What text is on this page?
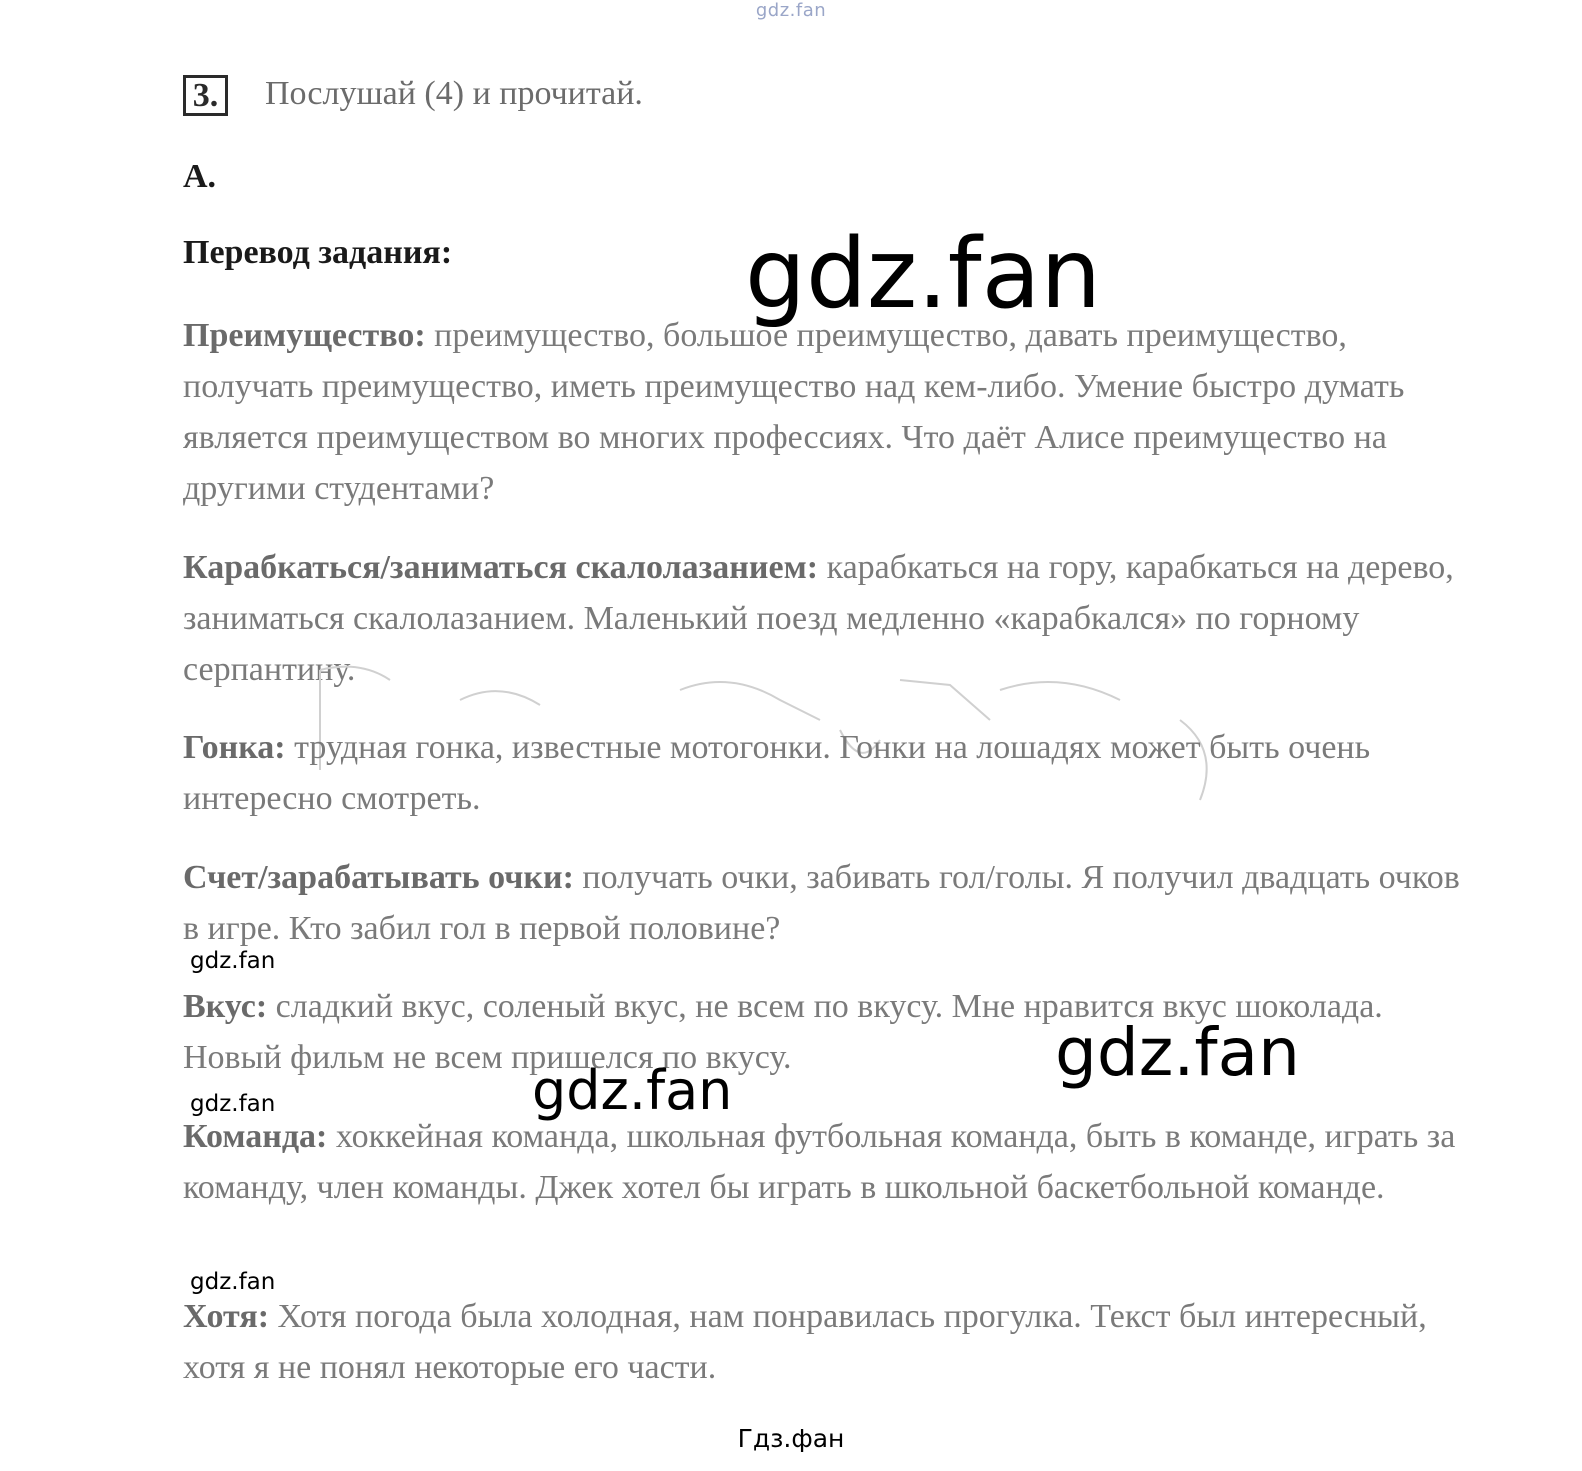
gdz.fan
3. Послушай (4) и прочитай.
A.
Перевод задания:	gdz.fan

Преимущество: преимущество, большое преимущество, давать преимущество, получать преимущество, иметь преимущество над кем-либо. Умение быстро думать является преимуществом во многих профессиях. Что даёт Алисе преимущество на другими студентами?

Карабкаться/заниматься скалолазанием: карабкаться на гору, карабкаться на дерево, заниматься скалолазанием. Маленький поезд медленно «карабкался» по горному серпантину.

Гонка: трудная гонка, известные мотогонки. Гонки на лошадях может быть очень интересно смотреть.

Счет/зарабатывать очки: получать очки, забивать гол/голы. Я получил двадцать очков в игре. Кто забил гол в первой половине?

gdz.fan

Вкус: сладкий вкус, соленый вкус, не всем по вкусу. Мне нравится вкус шоколада. Новый фильм не всем пришелся по вкусу.	gdz.fan
gdz.fan
gdz.fan

Команда: хоккейная команда, школьная футбольная команда, быть в команде, играть за команду, член команды. Джек хотел бы играть в школьной баскетбольной команде.

gdz.fan

Хотя: Хотя погода была холодная, нам понравилась прогулка. Текст был интересный, хотя я не понял некоторые его части.

Гдз.фан
